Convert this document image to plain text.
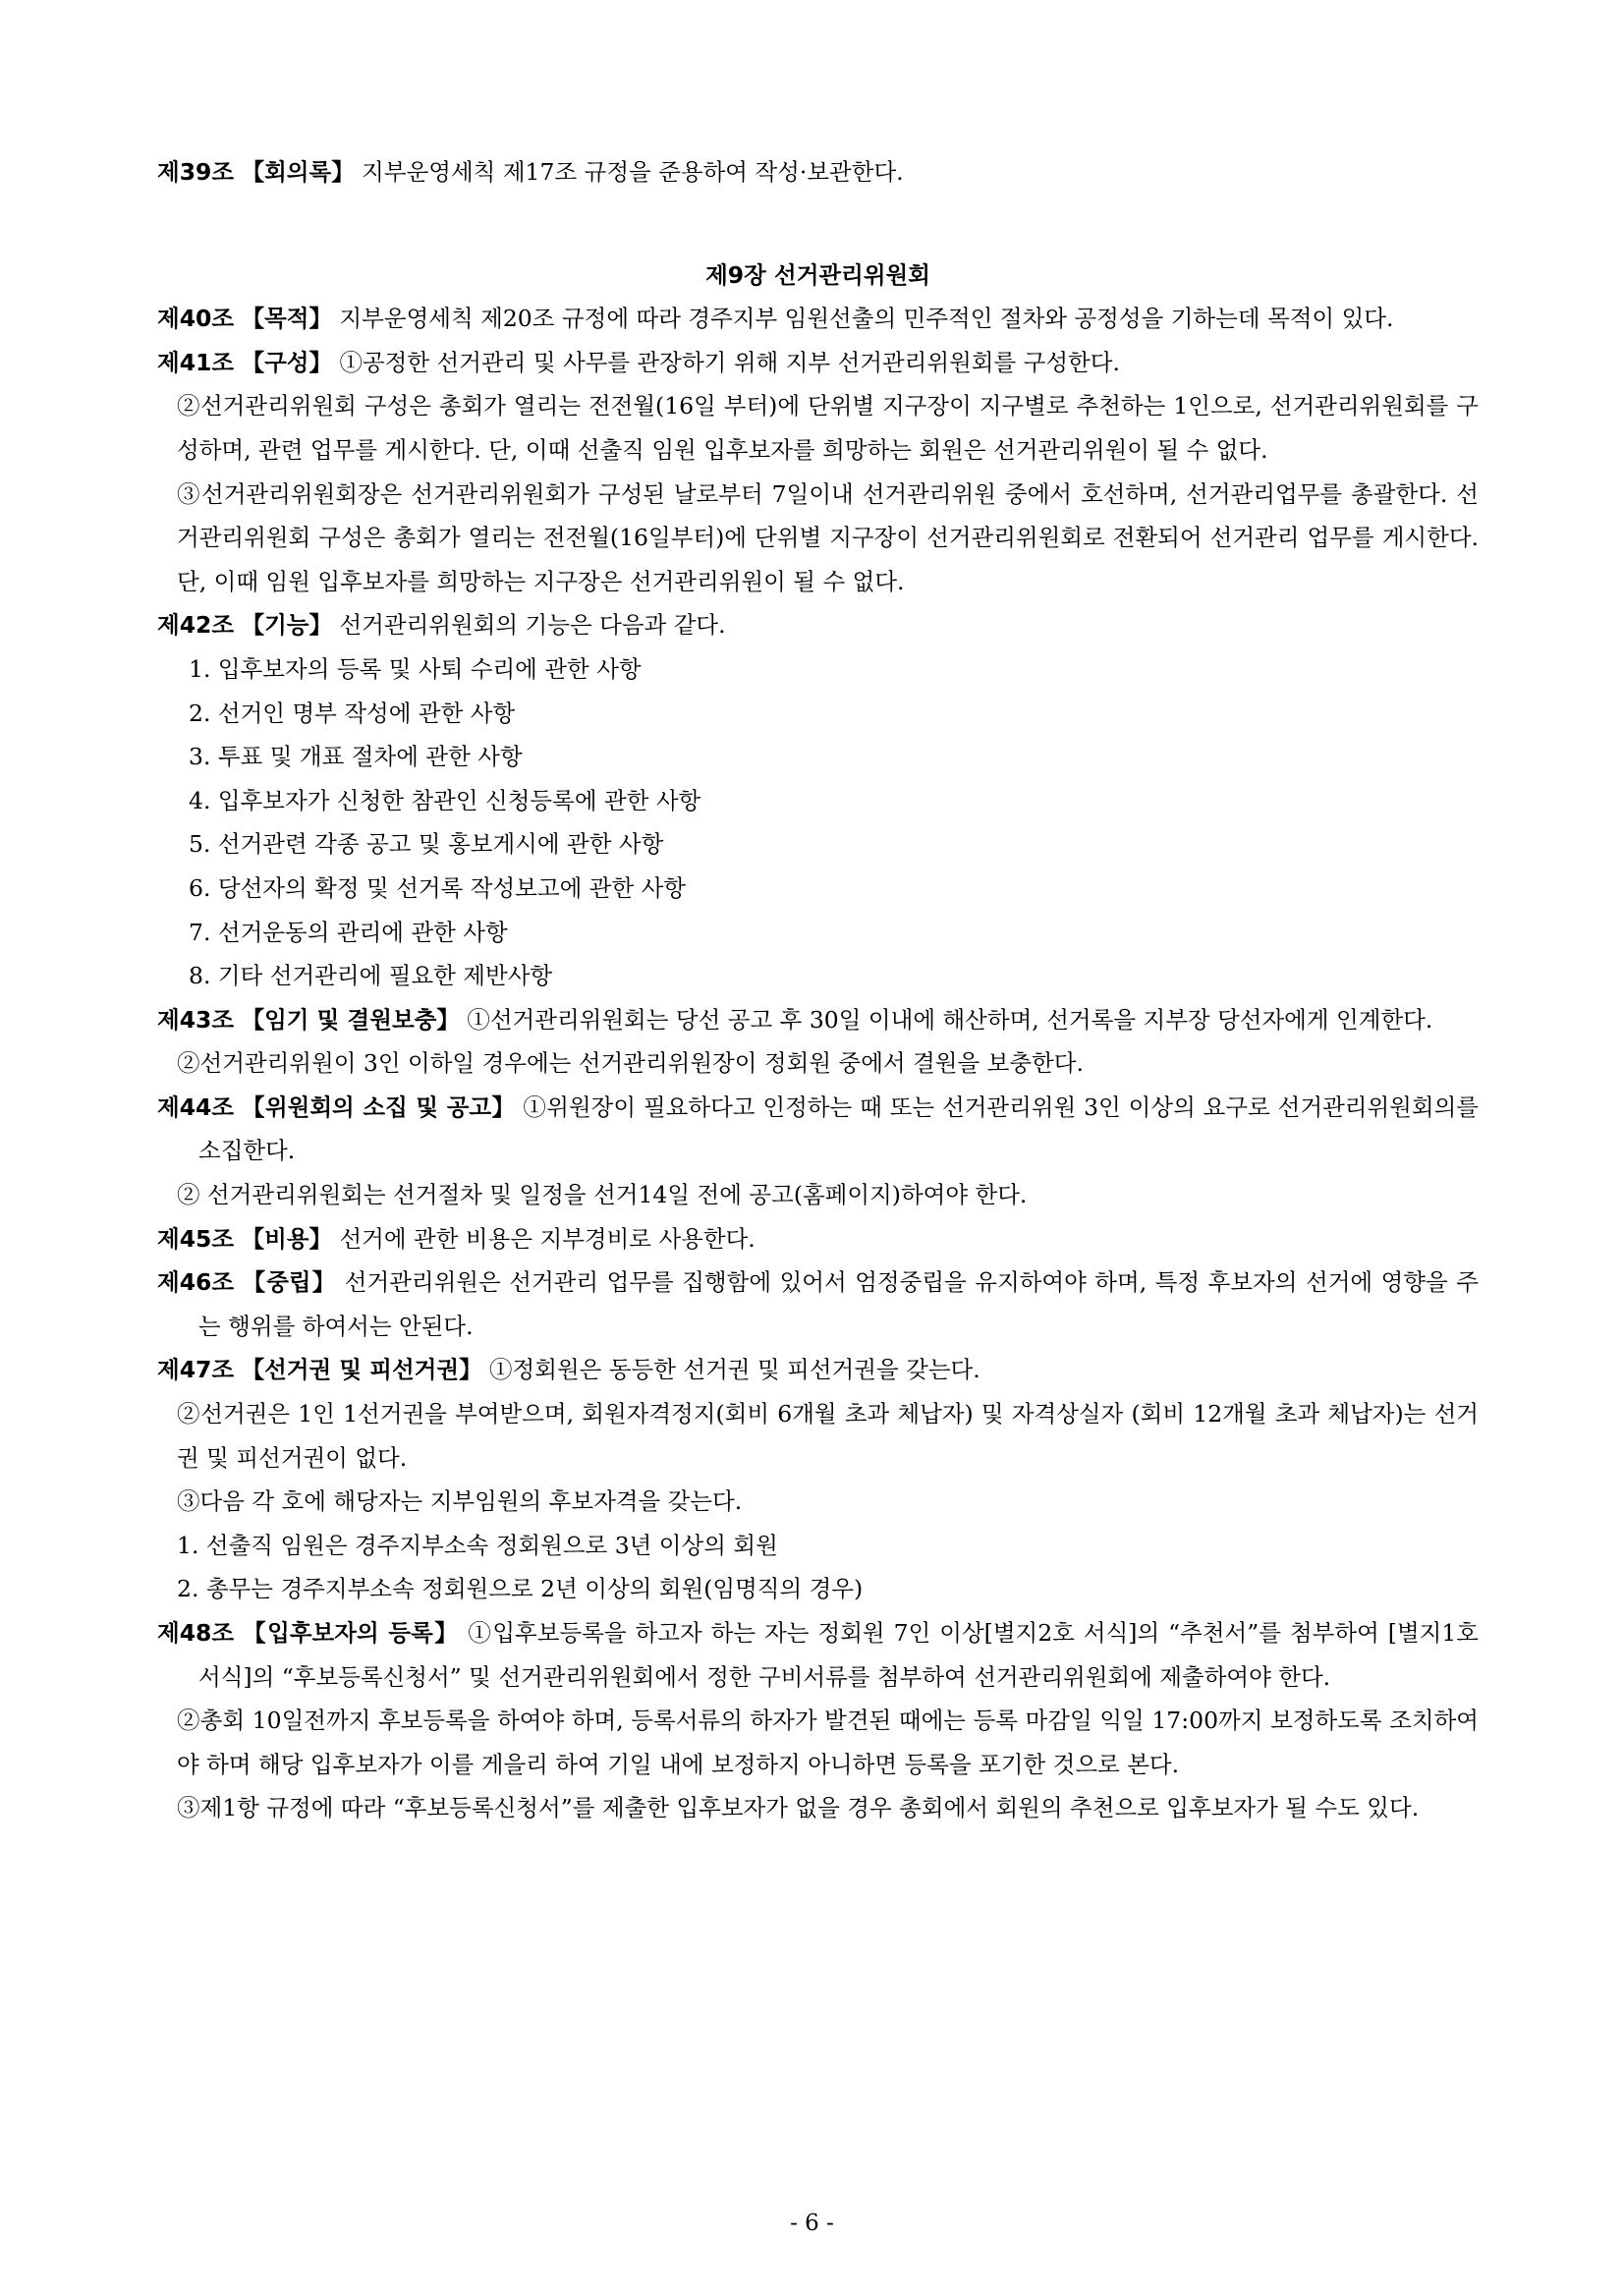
제39조 【회의록】 지부운영세칙 제17조 규정을 준용하여 작성·보관한다.
제9장 선거관리위원회
제40조 【목적】 지부운영세칙 제20조 규정에 따라 경주지부 임원선출의 민주적인 절차와 공정성을 기하는데 목적이 있다.
제41조 【구성】 ①공정한 선거관리 및 사무를 관장하기 위해 지부 선거관리위원회를 구성한다.
②선거관리위원회 구성은 총회가 열리는 전전월(16일 부터)에 단위별 지구장이 지구별로 추천하는 1인으로, 선거관리위원회를 구성하며, 관련 업무를 게시한다. 단, 이때 선출직 임원 입후보자를 희망하는 회원은 선거관리위원이 될 수 없다.
③선거관리위원회장은 선거관리위원회가 구성된 날로부터 7일이내 선거관리위원 중에서 호선하며, 선거관리업무를 총괄한다. 선거관리위원회 구성은 총회가 열리는 전전월(16일부터)에 단위별 지구장이 선거관리위원회로 전환되어 선거관리 업무를 게시한다. 단, 이때 임원 입후보자를 희망하는 지구장은 선거관리위원이 될 수 없다.
제42조 【기능】 선거관리위원회의 기능은 다음과 같다.
1. 입후보자의 등록 및 사퇴 수리에 관한 사항
2. 선거인 명부 작성에 관한 사항
3. 투표 및 개표 절차에 관한 사항
4. 입후보자가 신청한 참관인 신청등록에 관한 사항
5. 선거관련 각종 공고 및 홍보게시에 관한 사항
6. 당선자의 확정 및 선거록 작성보고에 관한 사항
7. 선거운동의 관리에 관한 사항
8. 기타 선거관리에 필요한 제반사항
제43조 【임기 및 결원보충】 ①선거관리위원회는 당선 공고 후 30일 이내에 해산하며, 선거록을 지부장 당선자에게 인계한다.
②선거관리위원이 3인 이하일 경우에는 선거관리위원장이 정회원 중에서 결원을 보충한다.
제44조 【위원회의 소집 및 공고】 ①위원장이 필요하다고 인정하는 때 또는 선거관리위원 3인 이상의 요구로 선거관리위원회의를 소집한다.
② 선거관리위원회는 선거절차 및 일정을 선거14일 전에 공고(홈페이지)하여야 한다.
제45조 【비용】 선거에 관한 비용은 지부경비로 사용한다.
제46조 【중립】 선거관리위원은 선거관리 업무를 집행함에 있어서 엄정중립을 유지하여야 하며, 특정 후보자의 선거에 영향을 주는 행위를 하여서는 안된다.
제47조 【선거권 및 피선거권】 ①정회원은 동등한 선거권 및 피선거권을 갖는다.
②선거권은 1인 1선거권을 부여받으며, 회원자격정지(회비 6개월 초과 체납자) 및 자격상실자 (회비 12개월 초과 체납자)는 선거권 및 피선거권이 없다.
③다음 각 호에 해당자는 지부임원의 후보자격을 갖는다.
1. 선출직 임원은 경주지부소속 정회원으로 3년 이상의 회원
2. 총무는 경주지부소속 정회원으로 2년 이상의 회원(임명직의 경우)
제48조 【입후보자의 등록】 ①입후보등록을 하고자 하는 자는 정회원 7인 이상[별지2호 서식]의 “추천서”를 첨부하여 [별지1호 서식]의 “후보등록신청서” 및 선거관리위원회에서 정한 구비서류를 첨부하여 선거관리위원회에 제출하여야 한다.
②총회 10일전까지 후보등록을 하여야 하며, 등록서류의 하자가 발견된 때에는 등록 마감일 익일 17:00까지 보정하도록 조치하여야 하며 해당 입후보자가 이를 게을리 하여 기일 내에 보정하지 아니하면 등록을 포기한 것으로 본다.
③제1항 규정에 따라 “후보등록신청서”를 제출한 입후보자가 없을 경우 총회에서 회원의 추천으로 입후보자가 될 수도 있다.
- 6 -
